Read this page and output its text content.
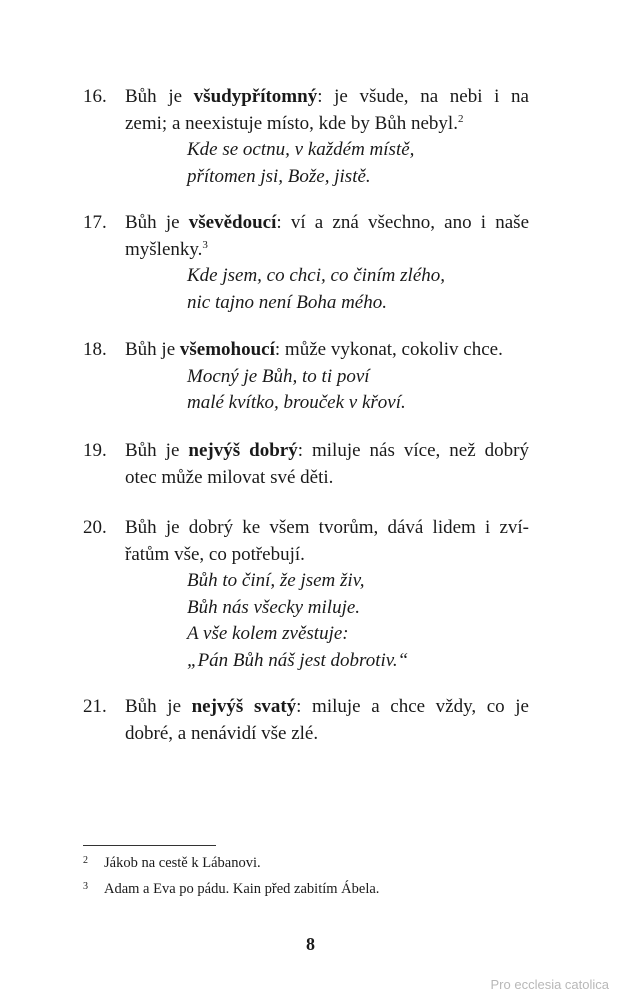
16. Bůh je všudypřítomný: je všude, na nebi i na
zemi; a neexistuje místo, kde by Bůh nebyl.$^2$
Kde se octnu, v každém místě,
přítomen jsi, Bože, jistě.
17. Bůh je vševědoucí: ví a zná všechno, ano i naše
myšlenky.$^3$
Kde jsem, co chci, co činím zlého,
nic tajno není Boha mého.
18. Bůh je všemohoucí: může vykonat, cokoliv chce.
Mocný je Bůh, to ti poví
malé kvítko, brouček v křoví.
19. Bůh je nejvýš dobrý: miluje nás více, než dobrý
otec může milovat své děti.
20. Bůh je dobrý ke všem tvorům, dává lidem i zví-
řatům vše, co potřebují.
Bůh to činí, že jsem živ,
Bůh nás všecky miluje.
A vše kolem zvěstuje:
„Pán Bůh náš jest dobrotiv.“
21. Bůh je nejvýš svatý: miluje a chce vždy, co je
dobré, a nenávidí vše zlé.
2 Jákob na cestě k Lábanovi.
3 Adam a Eva po pádu. Kain před zabitím Ábela.
8
Pro ecclesia catolica
